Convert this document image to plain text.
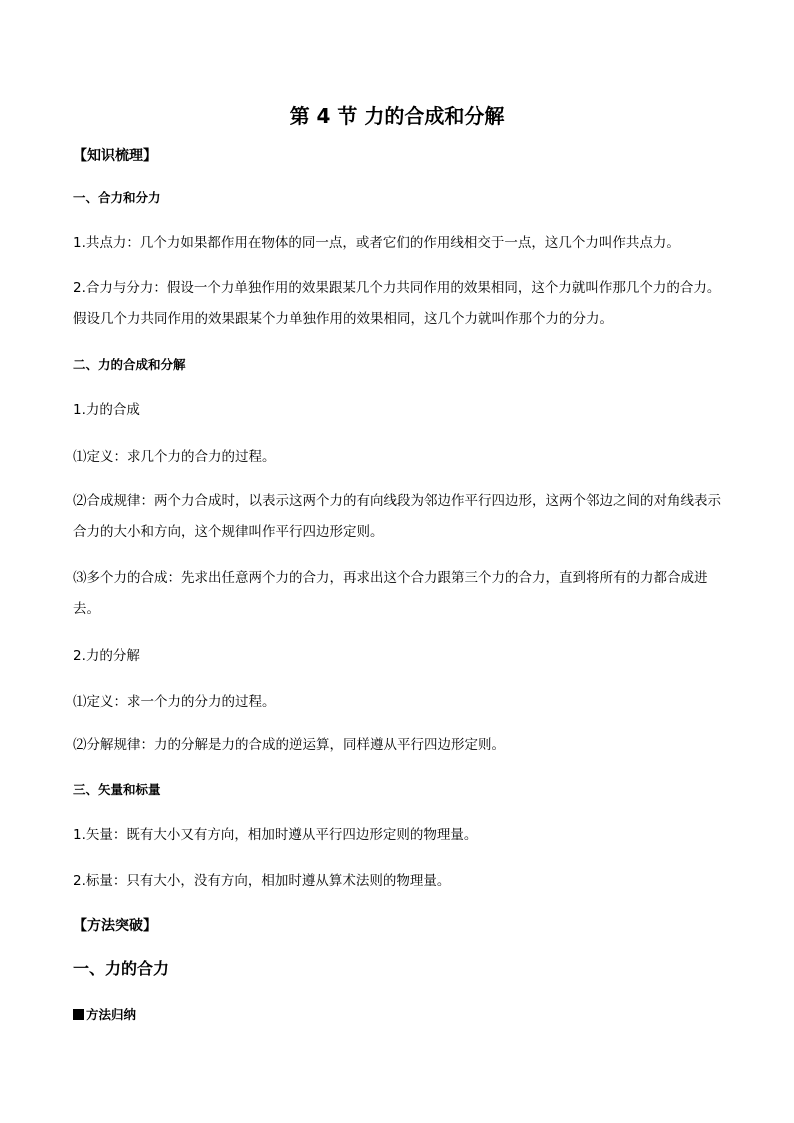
第 4 节 力的合成和分解
【知识梳理】
一、合力和分力
1.共点力：几个力如果都作用在物体的同一点，或者它们的作用线相交于一点，这几个力叫作共点力。
2.合力与分力：假设一个力单独作用的效果跟某几个力共同作用的效果相同，这个力就叫作那几个力的合力。假设几个力共同作用的效果跟某个力单独作用的效果相同，这几个力就叫作那个力的分力。
二、力的合成和分解
1.力的合成
⑴定义：求几个力的合力的过程。
⑵合成规律：两个力合成时，以表示这两个力的有向线段为邻边作平行四边形，这两个邻边之间的对角线表示合力的大小和方向，这个规律叫作平行四边形定则。
⑶多个力的合成：先求出任意两个力的合力，再求出这个合力跟第三个力的合力，直到将所有的力都合成进去。
2.力的分解
⑴定义：求一个力的分力的过程。
⑵分解规律：力的分解是力的合成的逆运算，同样遵从平行四边形定则。
三、矢量和标量
1.矢量：既有大小又有方向，相加时遵从平行四边形定则的物理量。
2.标量：只有大小，没有方向，相加时遵从算术法则的物理量。
【方法突破】
一、力的合力
方法归纳
